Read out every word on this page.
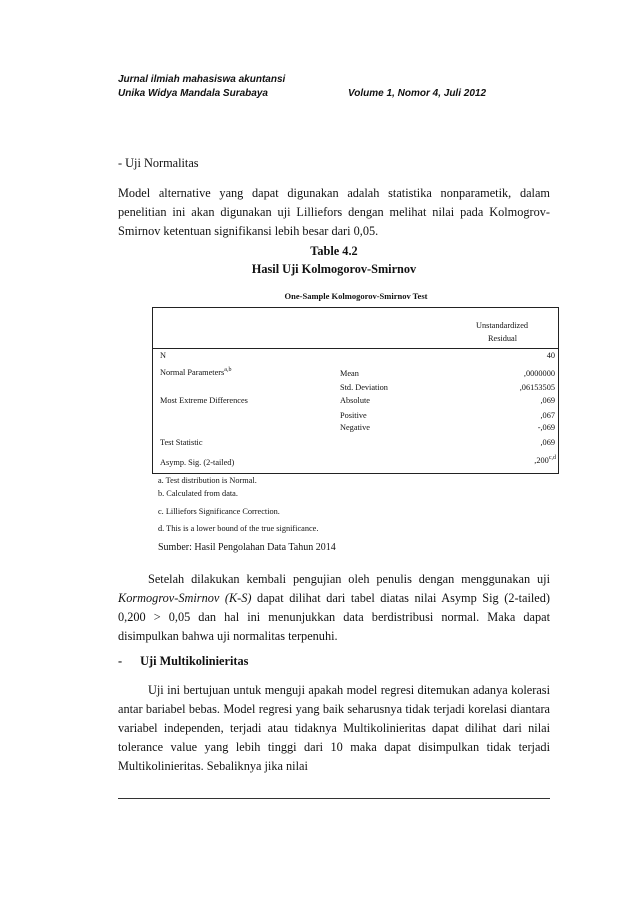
Jurnal ilmiah mahasiswa akuntansi
Unika Widya Mandala Surabaya	Volume 1, Nomor 4, Juli 2012
- Uji Normalitas
Model alternative yang dapat digunakan adalah statistika nonparametik, dalam penelitian ini akan digunakan uji Lilliefors dengan melihat nilai pada Kolmogrov-Smirnov ketentuan signifikansi lebih besar dari 0,05.
Table 4.2
Hasil Uji Kolmogorov-Smirnov
One-Sample Kolmogorov-Smirnov Test
Unstandardized
Residual
N	40
Normal Parameters$^{a,b}$	Mean	,0000000
Std. Deviation	,06153505
Most Extreme Differences	Absolute	,069
Positive	,067
Negative	-,069
Test Statistic	,069
Asymp. Sig. (2-tailed)	,200$^{c,d}$
a. Test distribution is Normal.
b. Calculated from data.
c. Lilliefors Significance Correction.
d. This is a lower bound of the true significance.
Sumber: Hasil Pengolahan Data Tahun 2014
Setelah dilakukan kembali pengujian oleh penulis dengan menggunakan uji Kormogrov-Smirnov (K-S) dapat dilihat dari tabel diatas nilai Asymp Sig (2-tailed) 0,200 > 0,05 dan hal ini menunjukkan data berdistribusi normal. Maka dapat disimpulkan bahwa uji normalitas terpenuhi.
- Uji Multikolinieritas
Uji ini bertujuan untuk menguji apakah model regresi ditemukan adanya kolerasi antar bariabel bebas. Model regresi yang baik seharusnya tidak terjadi korelasi diantara variabel independen, terjadi atau tidaknya Multikolinieritas dapat dilihat dari nilai tolerance value yang lebih tinggi dari 10 maka dapat disimpulkan tidak terjadi Multikolinieritas. Sebaliknya jika nilai
